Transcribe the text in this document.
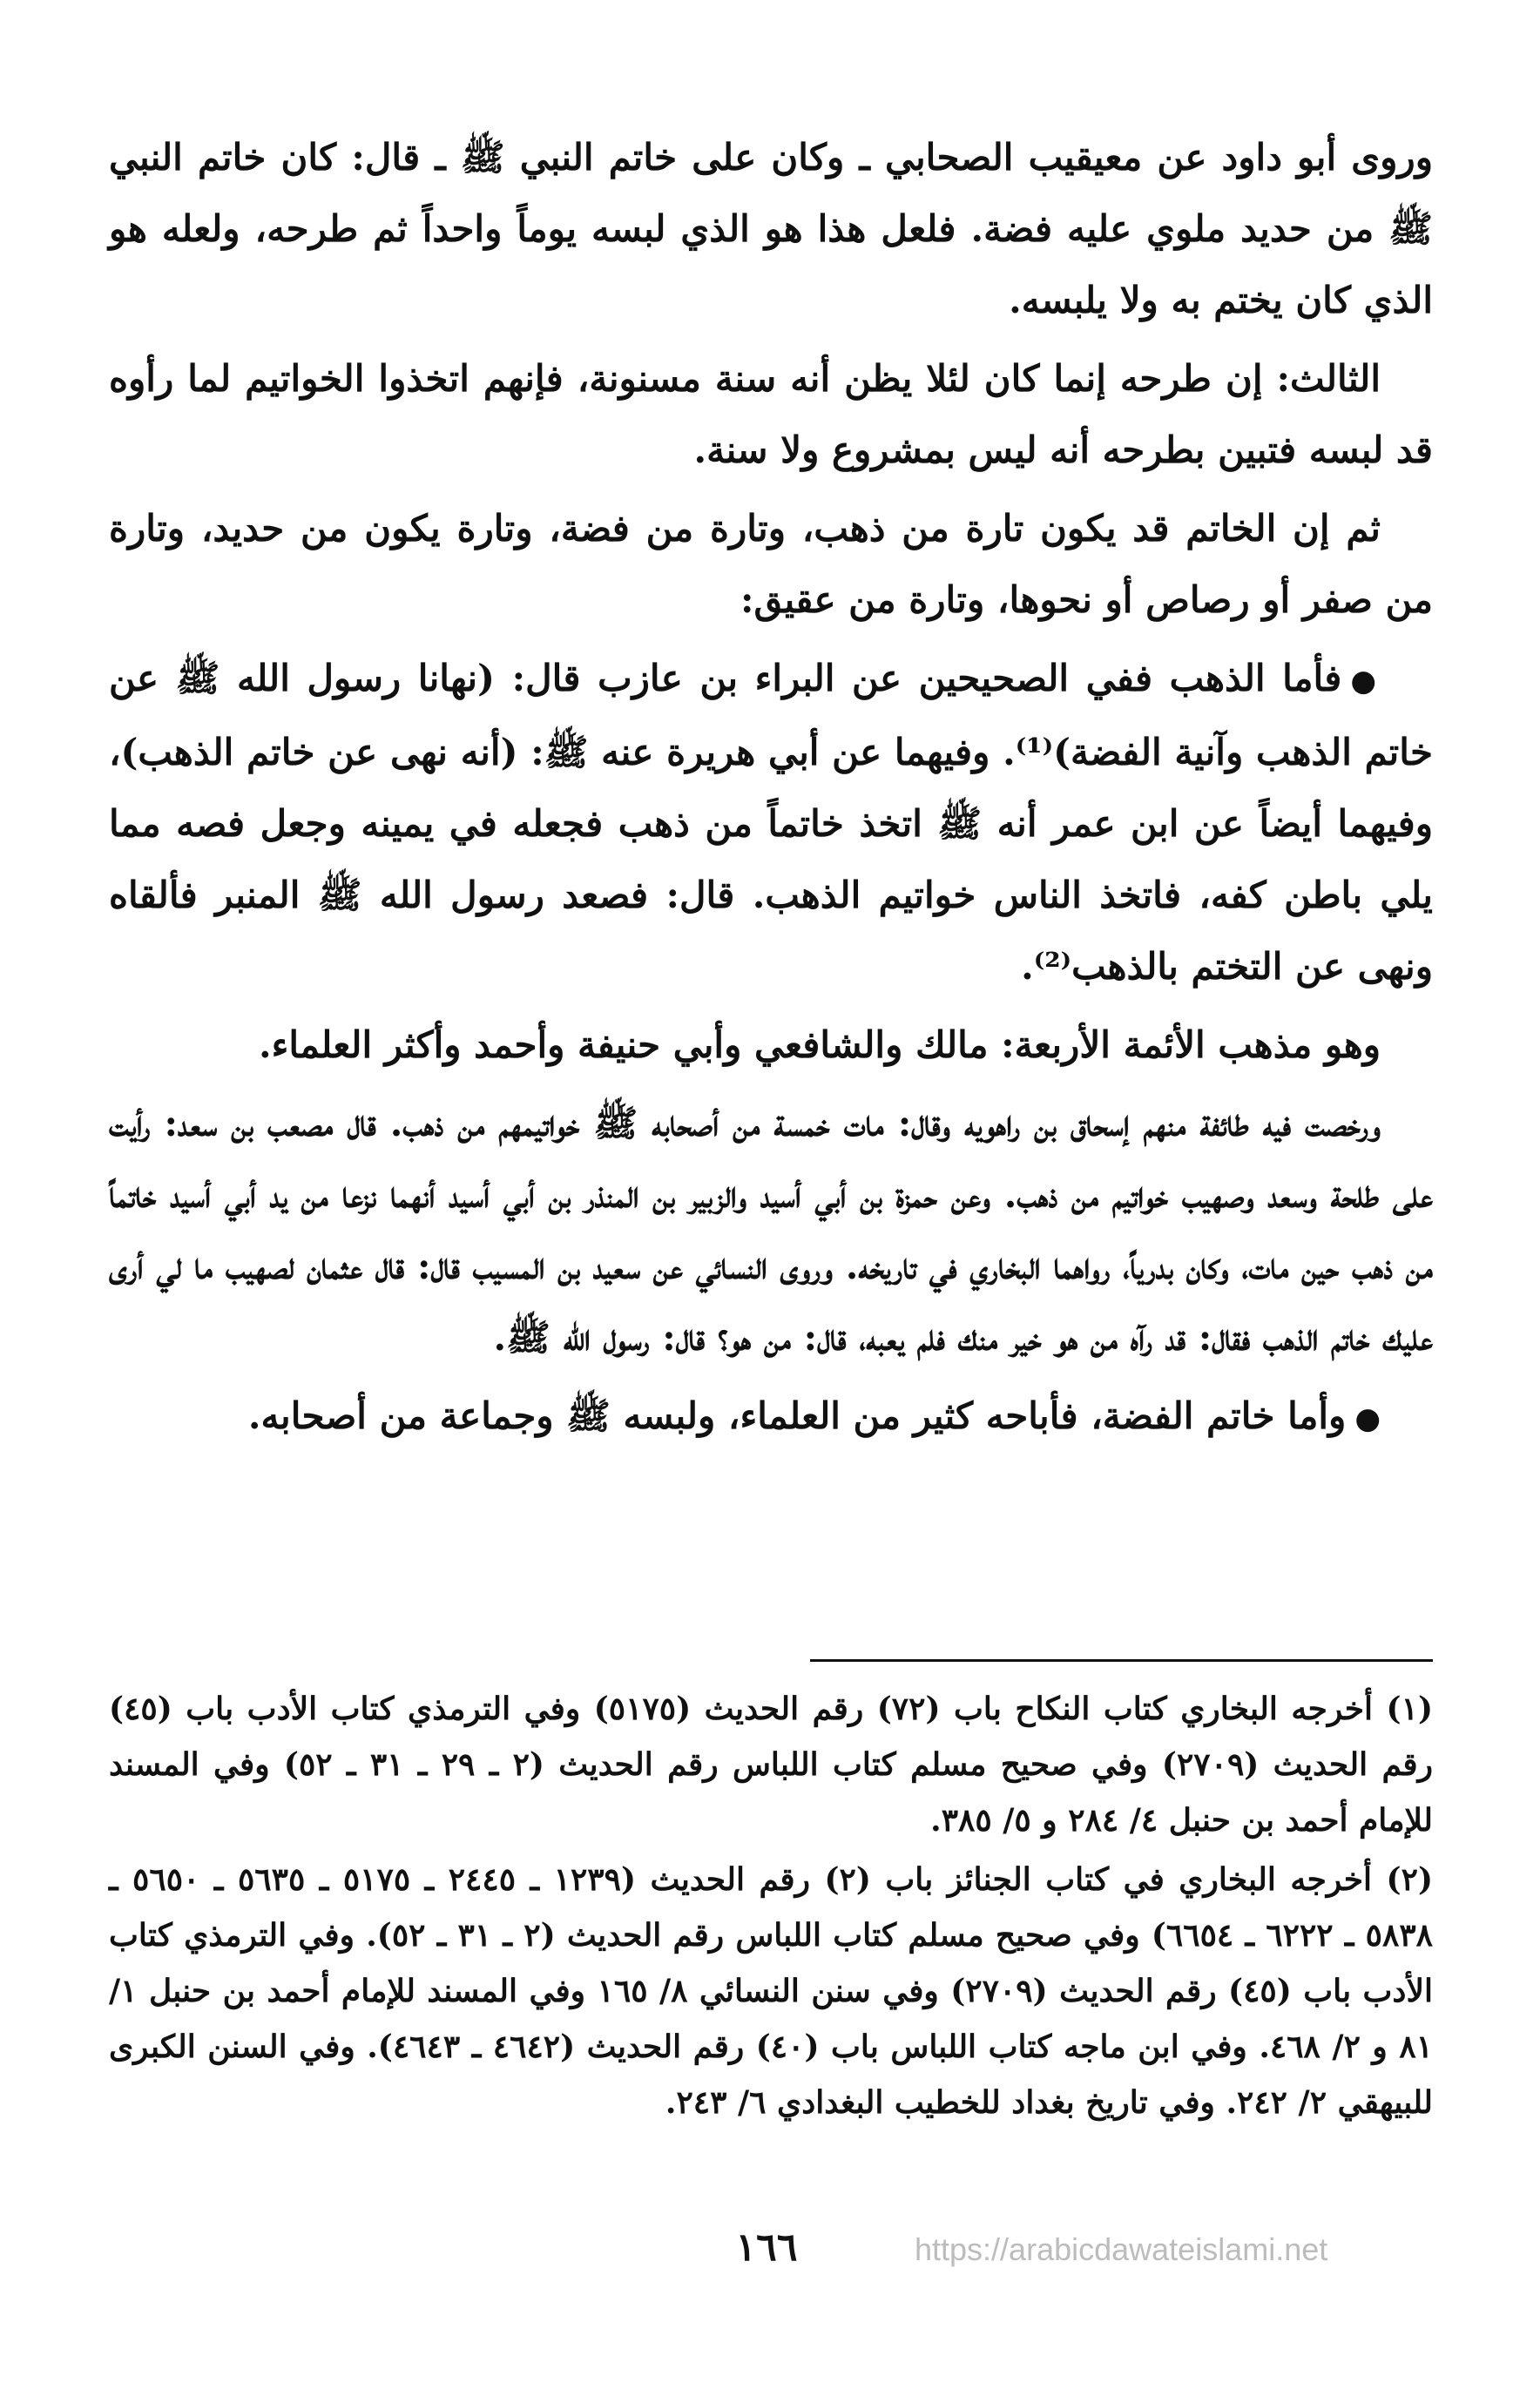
وروى أبو داود عن معيقيب الصحابي ـ وكان على خاتم النبي ﷺ ـ قال: كان خاتم النبي ﷺ من حديد ملوي عليه فضة. فلعل هذا هو الذي لبسه يوماً واحداً ثم طرحه، ولعله هو الذي كان يختم به ولا يلبسه.

الثالث: إن طرحه إنما كان لئلا يظن أنه سنة مسنونة، فإنهم اتخذوا الخواتيم لما رأوه قد لبسه فتبين بطرحه أنه ليس بمشروع ولا سنة.

ثم إن الخاتم قد يكون تارة من ذهب، وتارة من فضة، وتارة يكون من حديد، وتارة من صفر أو رصاص أو نحوها، وتارة من عقيق:

●فأما الذهب ففي الصحيحين عن البراء بن عازب قال: (نهانا رسول الله ﷺ عن خاتم الذهب وآنية الفضة)⁽¹⁾. وفيهما عن أبي هريرة عنه ﷺ: (أنه نهى عن خاتم الذهب)، وفيهما أيضاً عن ابن عمر أنه ﷺ اتخذ خاتماً من ذهب فجعله في يمينه وجعل فصه مما يلي باطن كفه، فاتخذ الناس خواتيم الذهب. قال: فصعد رسول الله ﷺ المنبر فألقاه ونهى عن التختم بالذهب⁽²⁾.

وهو مذهب الأئمة الأربعة: مالك والشافعي وأبي حنيفة وأحمد وأكثر العلماء.

ورخصت فيه طائفة منهم إسحاق بن راهويه وقال: مات خمسة من أصحابه ﷺ خواتيمهم من ذهب. قال مصعب بن سعد: رأيت على طلحة وسعد وصهيب خواتيم من ذهب. وعن حمزة بن أبي أسيد والزبير بن المنذر بن أبي أسيد أنهما نزعا من يد أبي أسيد خاتماً من ذهب حين مات، وكان بدرياً، رواهما البخاري في تاريخه. وروى النسائي عن سعيد بن المسيب قال: قال عثمان لصهيب ما لي أرى عليك خاتم الذهب فقال: قد رآه من هو خير منك فلم يعبه، قال: من هو؟ قال: رسول الله ﷺ.

●وأما خاتم الفضة، فأباحه كثير من العلماء، ولبسه ﷺ وجماعة من أصحابه.

(١) أخرجه البخاري كتاب النكاح باب (٧٢) رقم الحديث (٥١٧٥) وفي الترمذي كتاب الأدب باب (٤٥) رقم الحديث (٢٧٠٩) وفي صحيح مسلم كتاب اللباس رقم الحديث (٢ ـ ٢٩ ـ ٣١ ـ ٥٢) وفي المسند للإمام أحمد بن حنبل ٤/ ٢٨٤ و ٥/ ٣٨٥.

(٢) أخرجه البخاري في كتاب الجنائز باب (٢) رقم الحديث (١٢٣٩ ـ ٢٤٤٥ ـ ٥١٧٥ ـ ٥٦٣٥ ـ ٥٦٥٠ ـ ٥٨٣٨ ـ ٦٢٢٢ ـ ٦٦٥٤) وفي صحيح مسلم كتاب اللباس رقم الحديث (٢ ـ ٣١ ـ ٥٢). وفي الترمذي كتاب الأدب باب (٤٥) رقم الحديث (٢٧٠٩) وفي سنن النسائي ٨/ ١٦٥ وفي المسند للإمام أحمد بن حنبل ١/ ٨١ و ٢/ ٤٦٨. وفي ابن ماجه كتاب اللباس باب (٤٠) رقم الحديث (٤٦٤٢ ـ ٤٦٤٣). وفي السنن الكبرى للبيهقي ٢/ ٢٤٢. وفي تاريخ بغداد للخطيب البغدادي ٦/ ٢٤٣.

١٦٦	https://arabicdawateislami.net
